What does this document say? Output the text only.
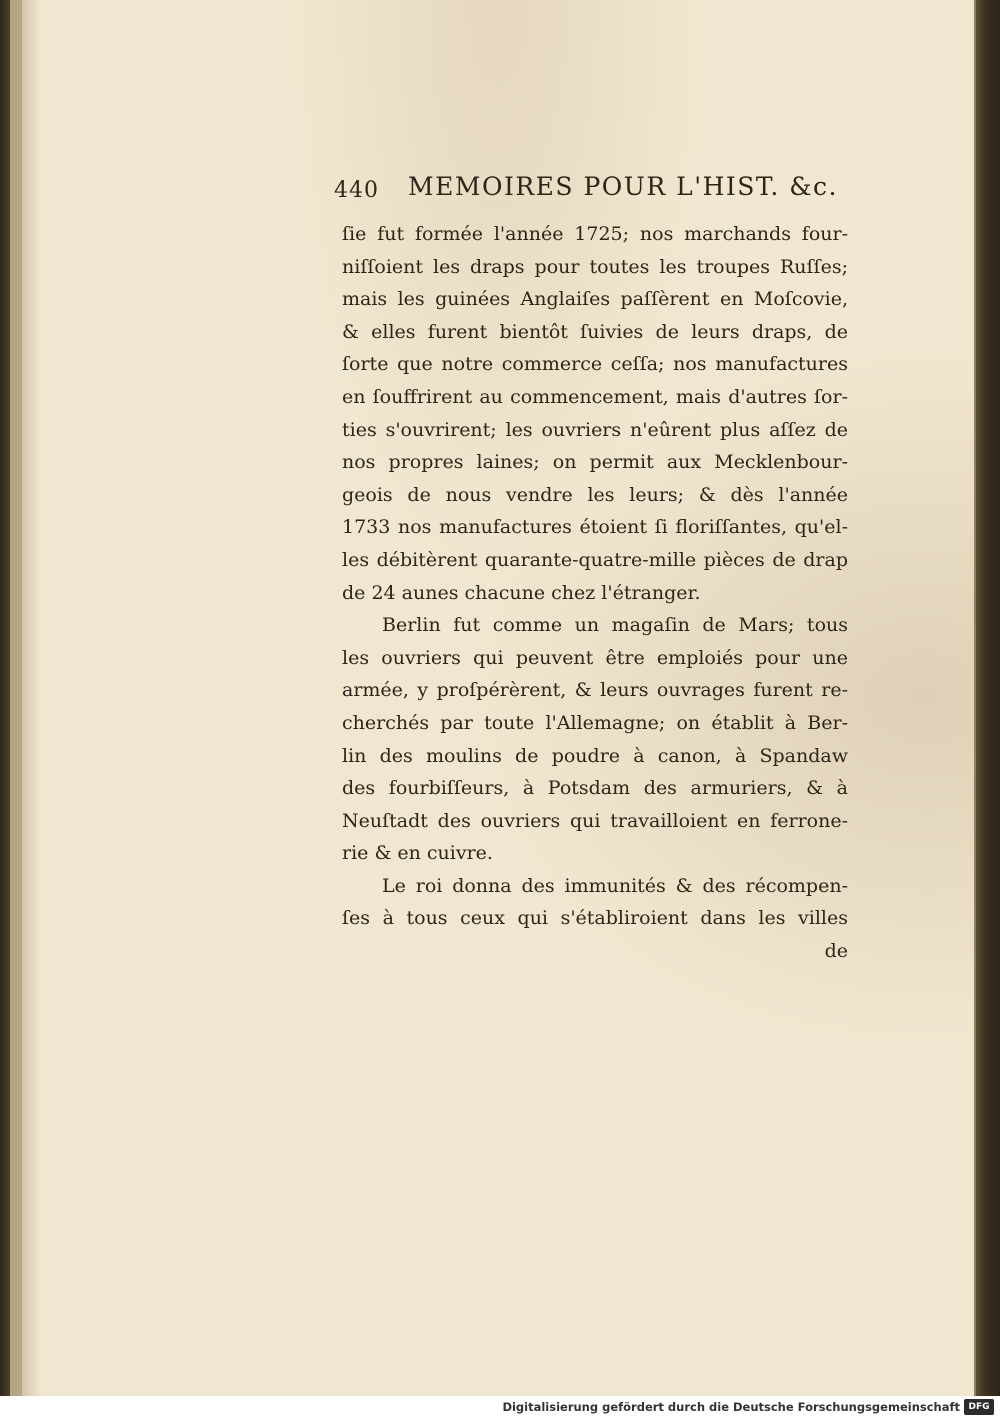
440 MEMOIRES POUR L'HIST. &c.
ſie fut formée l'année 1725; nos marchands four-
niſſoient les draps pour toutes les troupes Ruſſes;
mais les guinées Anglaiſes paſſèrent en Moſcovie,
& elles furent bientôt ſuivies de leurs draps, de
ſorte que notre commerce ceſſa; nos manufactures
en ſouffrirent au commencement, mais d'autres ſor-
ties s'ouvrirent; les ouvriers n'eûrent plus aſſez de
nos propres laines; on permit aux Mecklenbour-
geois de nous vendre les leurs; & dès l'année
1733 nos manufactures étoient ſi floriſſantes, qu'el-
les débitèrent quarante-quatre-mille pièces de drap
de 24 aunes chacune chez l'étranger.
Berlin fut comme un magaſin de Mars; tous
les ouvriers qui peuvent être emploiés pour une
armée, y proſpérèrent, & leurs ouvrages furent re-
cherchés par toute l'Allemagne; on établit à Ber-
lin des moulins de poudre à canon, à Spandaw
des fourbiſſeurs, à Potsdam des armuriers, & à
Neuſtadt des ouvriers qui travailloient en ferrone-
rie & en cuivre.
Le roi donna des immunités & des récompen-
ſes à tous ceux qui s'établiroient dans les villes
de
Digitalisierung gefördert durch die Deutsche Forschungsgemeinschaft DFG
